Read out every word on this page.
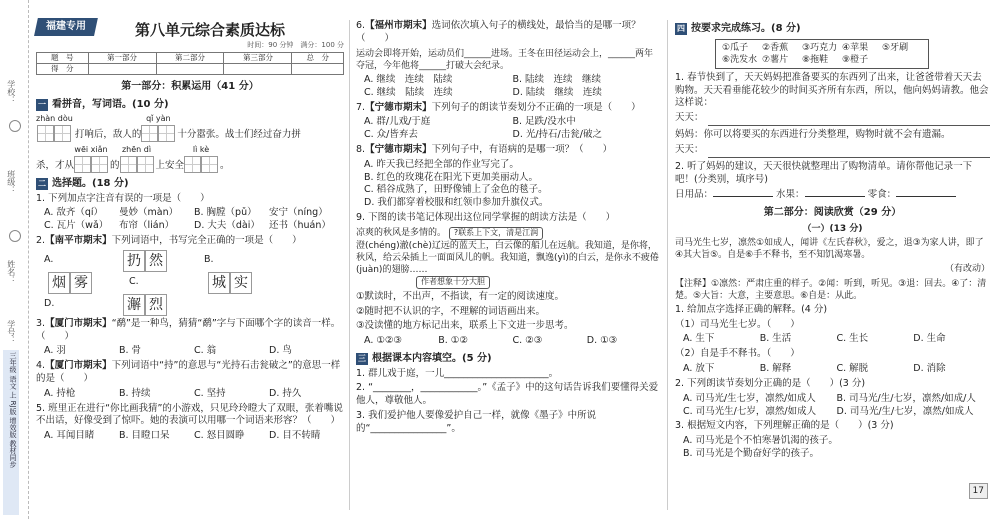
学校：
班级：
姓名：
学号：
三年级 语文 上 RJ版 增效版 教材同步
福建专用	第八单元综合素质达标
时间：90 分钟　满分：100 分
题　号	第一部分	第二部分	第三部分	总　分
得　分				
第一部分：积累运用（41 分）
一 看拼音，写词语。(10 分)
zhàn dòu
打响后，敌人的
qǐ yàn
十分嚣张。战士们经过奋力拼
杀，才从
wēi xiǎn
的
zhēn dì
上安全
lì kè
。
二 选择题。(18 分)
1. 下列加点字注音有误的一项是（　　）
A. 敌齐（qí）	曼妙（màn）	B. 胸膛（pǔ）	安宁（níng）
C. 瓦片（wǎ）	布帘（lián）	D. 大夫（dài） 还书（huán）
2.【南平市期末】下列词语中，书写完全正确的一项是（　　）
A.	扔 然	B.
烟 雾	C.	城 实
D.	澥 烈
3.【厦门市期末】“鹬”是一种鸟，猜猜“鹬”字与下面哪个字的读音一样。（　　）
A. 羽	B. 骨	C. 翁	D. 鸟
4.【厦门市期末】下列词语中“持”的意思与“光持石击瓮破之”的意思一样的是（　　）
A. 持枪	B. 持续	C. 坚持	D. 持久
5. 班里正在进行“你比画我猜”的小游戏，只见玲玲瞪大了双眼，张着嘴说不出话，好像受到了惊吓。她的表演可以用哪一个词语来形容？（　　）
A. 耳闻目睹	B. 目瞪口呆	C. 怒目圆睁	D. 目不转睛
6.【福州市期末】选词依次填入句子的横线处，最恰当的是哪一项？（　　）
运动会即将开始，运动员们______进场。王冬在田径运动会上，______两年夺冠，今年他将______打破大会纪录。
A. 继续　连续　陆续	B. 陆续　连续　继续
C. 继续　陆续　连续	D. 陆续　继续　连续
7.【宁德市期末】下列句子的朗读节奏划分不正确的一项是（　　）
A. 群/儿戏/于庭	B. 足跌/没水中
C. 众/皆弃去	D. 光/持石/击瓮/破之
8.【宁德市期末】下列句子中，有语病的是哪一项？（　　）
A. 昨天我已经把全部的作业写完了。
B. 红色的玫瑰花在阳光下更加美丽动人。
C. 稻谷成熟了，田野像铺上了金色的毯子。
D. 我们都穿着校服和红领巾参加升旗仪式。
9. 下图的读书笔记体现出这位同学掌握的朗读方法是（　　）
凉爽的秋风是多情的。 ?联系上下文，清是江润
澄(chéng)澈(chè)辽远的蓝天上，白云像的船儿在远航。我知道，是你将，秋风，给云朵插上一面面风儿的帆。我知道，飘逸(yì)的白云，是你永不疲倦(juàn)的翅膀……
作者想象十分大胆
①默读时，不出声，不指读，有一定的阅读速度。
②随时把不认识的字，不理解的词语画出来。
③没读懂的地方标记出来，联系上下文进一步思考。
A. ①②③	B. ①②	C. ②③	D. ①③
三 根据课本内容填空。(5 分)
1. 群儿戏于庭，一儿______________________。
2. “________，____________。”《孟子》中的这句话告诉我们要懂得关爱他人，尊敬他人。
3. 我们爱护他人要像爱护自己一样，就像《墨子》中所说的“________________”。
四 按要求完成练习。(8 分)
①瓜子	②香蕉	③巧克力 ④苹果	⑤牙刷
⑥洗发水 ⑦薯片	⑧拖鞋	⑨橙子
1. 春节快到了，天天妈妈把准备要买的东西列了出来，让爸爸带着天天去购物。天天看垂能花较少的时间买齐所有东西，所以，他向妈妈请教。他会这样说：
天天：
妈妈：你可以将要买的东西进行分类整理，购物时就不会有遗漏。
天天：
2. 听了妈妈的建议，天天很快就整理出了购物清单。请你帮他记录一下吧！(分类别，填序号)
日用品：	水果：	零食：
第二部分：阅读欣赏（29 分）
（一）(13 分)
司马光生七岁，凛然①如成人，闻讲《左氏春秋》，爱之，退③为家人讲，即了④其大旨⑤。自是⑥手不释书，至不知饥渴寒暑。
（有改动）
【注释】①凛然：严肃庄重的样子。②闻：听到，听见。③退：回去。④了：清楚。⑤大旨：大意，主要意思。⑥自是：从此。
1. 给加点字选择正确的解释。(4 分)
（1）司马光生七岁。（　　）
A. 生下	B. 生活	C. 生长	D. 生命
（2）自是手不释书。（　　）
A. 放下	B. 解释	C. 解脱	D. 消除
2. 下列朗读节奏划分正确的是（　　）(3 分)
A. 司马光/生七岁，凛然/如成人	B. 司马光/生/七岁，凛然/如成/人
C. 司马光生/七岁，凛然/如成人	D. 司马光/生/七岁，凛然/如成人
3. 根据短文内容，下列理解正确的是（　　）(3 分)
A. 司马光是个不怕寒暑饥渴的孩子。
B. 司马光是个勤奋好学的孩子。
17
